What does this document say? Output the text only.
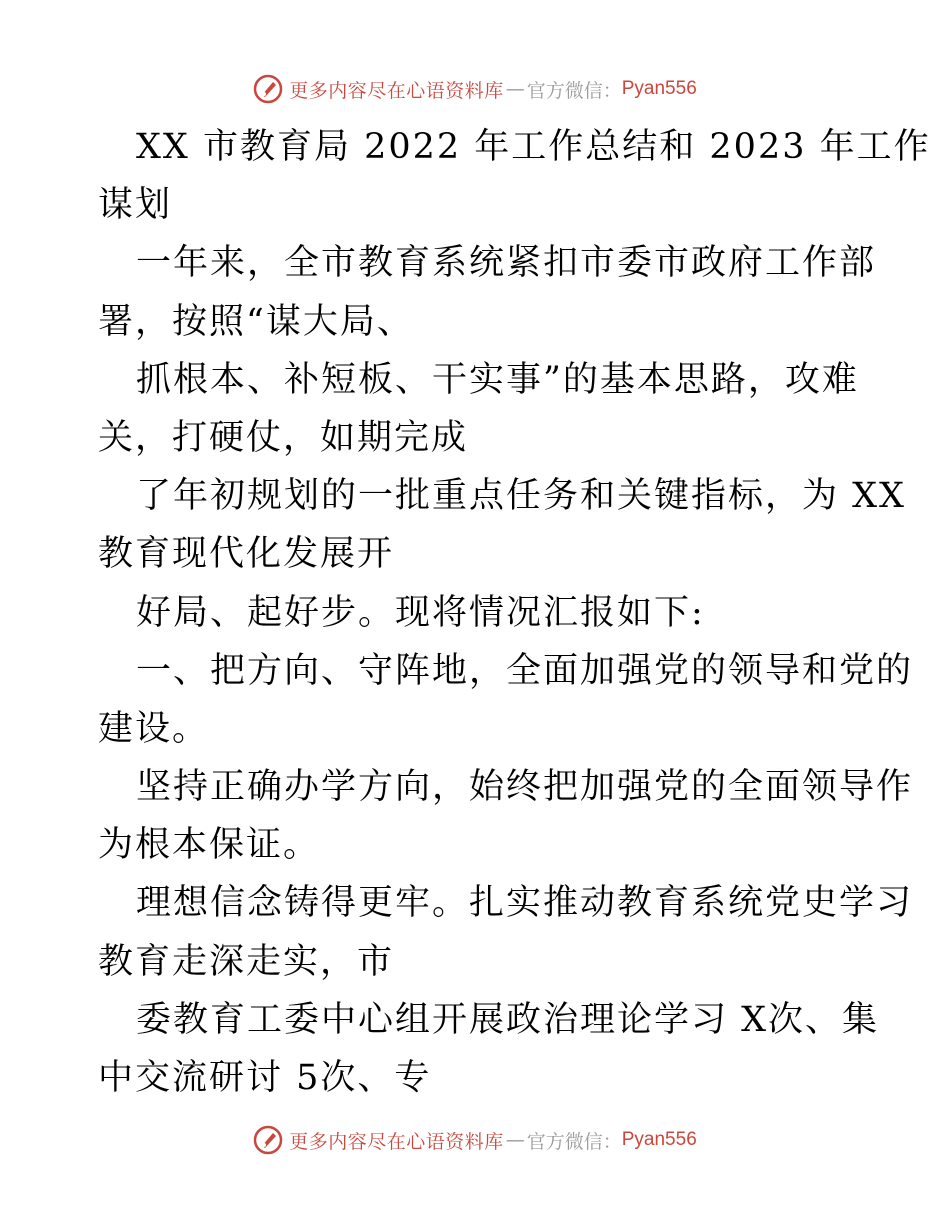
更多内容尽在心语资料库 — 官方微信： Pyan556
XX 市教育局 2022 年工作总结和 2023 年工作
谋划
一年来，全市教育系统紧扣市委市政府工作部
署，按照“谋大局、
抓根本、补短板、干实事”的基本思路，攻难
关，打硬仗，如期完成
了年初规划的一批重点任务和关键指标，为 XX
教育现代化发展开
好局、起好步。现将情况汇报如下:
一、把方向、守阵地，全面加强党的领导和党的
建设。
坚持正确办学方向，始终把加强党的全面领导作
为根本保证。
理想信念铸得更牢。扎实推动教育系统党史学习
教育走深走实，市
委教育工委中心组开展政治理论学习 X次、集
中交流研讨 5次、专
更多内容尽在心语资料库 — 官方微信： Pyan556
